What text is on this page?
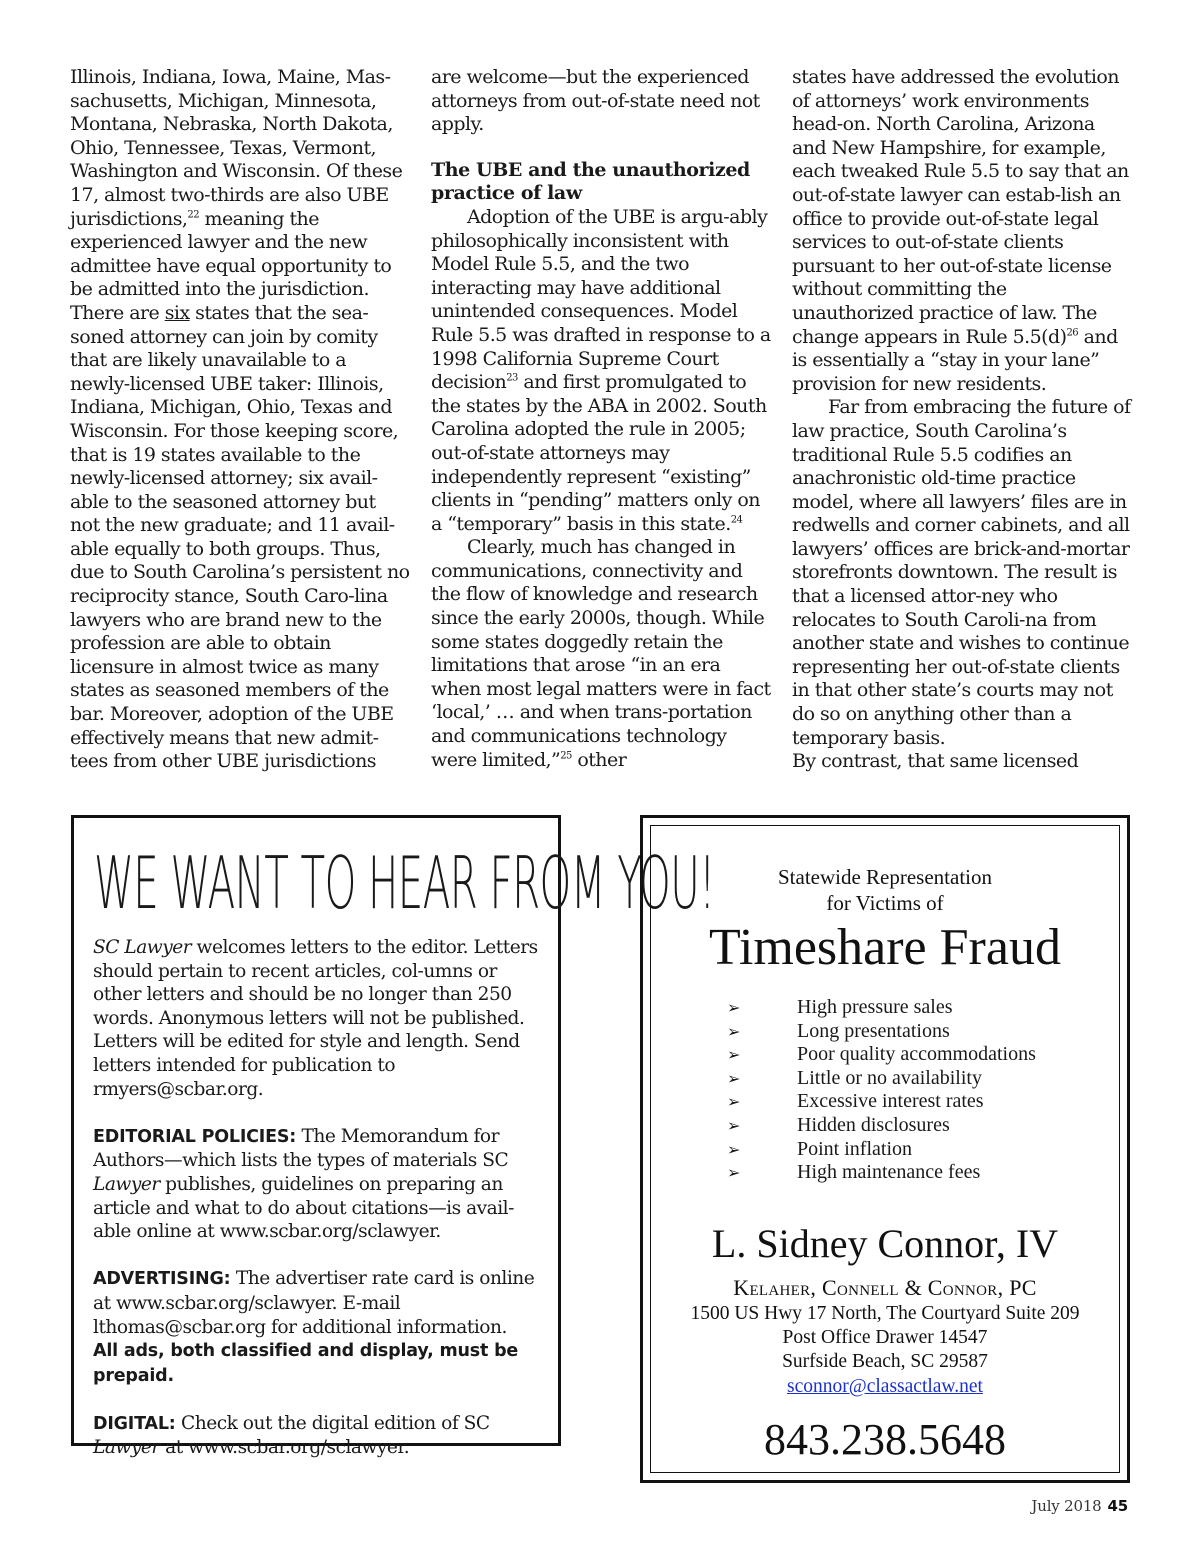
Illinois, Indiana, Iowa, Maine, Mas-sachusetts, Michigan, Minnesota, Montana, Nebraska, North Dakota, Ohio, Tennessee, Texas, Vermont, Washington and Wisconsin. Of these 17, almost two-thirds are also UBE jurisdictions,$^{22}$ meaning the experienced lawyer and the new admittee have equal opportunity to be admitted into the jurisdiction. There are six states that the sea-soned attorney can join by comity that are likely unavailable to a newly-licensed UBE taker: Illinois, Indiana, Michigan, Ohio, Texas and Wisconsin. For those keeping score, that is 19 states available to the newly-licensed attorney; six avail-able to the seasoned attorney but not the new graduate; and 11 avail-able equally to both groups. Thus, due to South Carolina’s persistent no reciprocity stance, South Caro-lina lawyers who are brand new to the profession are able to obtain licensure in almost twice as many states as seasoned members of the bar. Moreover, adoption of the UBE effectively means that new admit-tees from other UBE jurisdictions

are welcome—but the experienced attorneys from out-of-state need not apply.

The UBE and the unauthorized practice of law

Adoption of the UBE is argu-ably philosophically inconsistent with Model Rule 5.5, and the two interacting may have additional unintended consequences. Model Rule 5.5 was drafted in response to a 1998 California Supreme Court decision$^{23}$ and first promulgated to the states by the ABA in 2002. South Carolina adopted the rule in 2005; out-of-state attorneys may independently represent “existing” clients in “pending” matters only on a “temporary” basis in this state.$^{24}$

Clearly, much has changed in communications, connectivity and the flow of knowledge and research since the early 2000s, though. While some states doggedly retain the limitations that arose “in an era when most legal matters were in fact ‘local,’ … and when trans-portation and communications technology were limited,”$^{25}$ other

states have addressed the evolution of attorneys’ work environments head-on. North Carolina, Arizona and New Hampshire, for example, each tweaked Rule 5.5 to say that an out-of-state lawyer can estab-lish an office to provide out-of-state legal services to out-of-state clients pursuant to her out-of-state license without committing the unauthorized practice of law. The change appears in Rule $5.5(d)^{26}$ and is essentially a “stay in your lane” provision for new residents.

Far from embracing the future of law practice, South Carolina’s traditional Rule 5.5 codifies an anachronistic old-time practice model, where all lawyers’ files are in redwells and corner cabinets, and all lawyers’ offices are brick-and-mortar storefronts downtown. The result is that a licensed attor-ney who relocates to South Caroli-na from another state and wishes to continue representing her out-of-state clients in that other state’s courts may not do so on anything other than a temporary basis.

By contrast, that same licensed

WE WANT TO HEAR FROM YOU!

SC Lawyer welcomes letters to the editor. Letters should pertain to recent articles, col-umns or other letters and should be no longer than 250 words. Anonymous letters will not be published. Letters will be edited for style and length. Send letters intended for publication to rmyers@scbar.org.

EDITORIAL POLICIES: The Memorandum for Authors—which lists the types of materials SC Lawyer publishes, guidelines on preparing an article and what to do about citations—is avail-able online at www.scbar.org/sclawyer.

ADVERTISING: The advertiser rate card is online at www.scbar.org/sclawyer. E-mail lthomas@scbar.org for additional information.
All ads, both classified and display, must be prepaid.

DIGITAL: Check out the digital edition of SC Lawyer at www.scbar.org/sclawyer.

Statewide Representation
for Victims of
Timeshare Fraud
➢	High pressure sales
➢	Long presentations
➢	Poor quality accommodations
➢	Little or no availability
➢	Excessive interest rates
➢	Hidden disclosures
➢	Point inflation
➢	High maintenance fees
L. Sidney Connor, IV
Kelaher, Connell & Connor, PC
1500 US Hwy 17 North, The Courtyard Suite 209
Post Office Drawer 14547
Surfside Beach, SC 29587
sconnor@classactlaw.net
843.238.5648
July 2018 45
